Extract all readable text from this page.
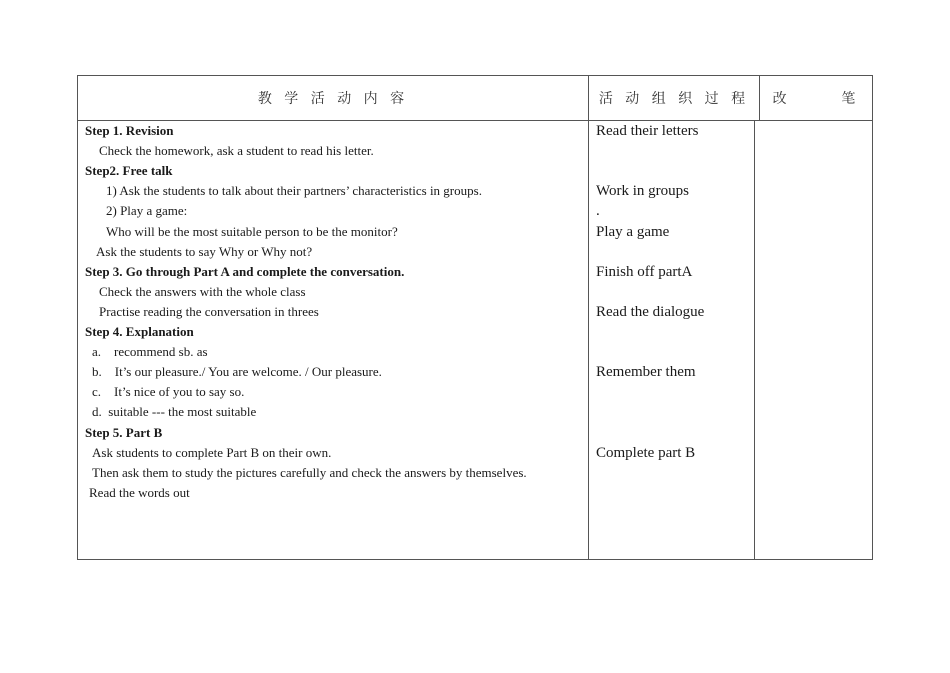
教 学 活 动 内 容	活 动 组 织 过 程	改      笔
Step 1. Revision
Check the homework, ask a student to read his letter.
Step2. Free talk
1) Ask the students to talk about their partners’ characteristics in groups.
2) Play a game:
Who will be the most suitable person to be the monitor?
Ask the students to say Why or Why not?
Step 3. Go through Part A and complete the conversation.
Check the answers with the whole class
Practise reading the conversation in threes
Step 4. Explanation
a.    recommend sb. as
b.    It’s our pleasure./ You are welcome. / Our pleasure.
c.    It’s nice of you to say so.
d.  suitable --- the most suitable
Step 5. Part B
Ask students to complete Part B on their own.
Then ask them to study the pictures carefully and check the answers by themselves.
Read the words out
Read their letters
Work in groups
.
Play a game
Finish off partA
Read the dialogue
Remember them
Complete part B
